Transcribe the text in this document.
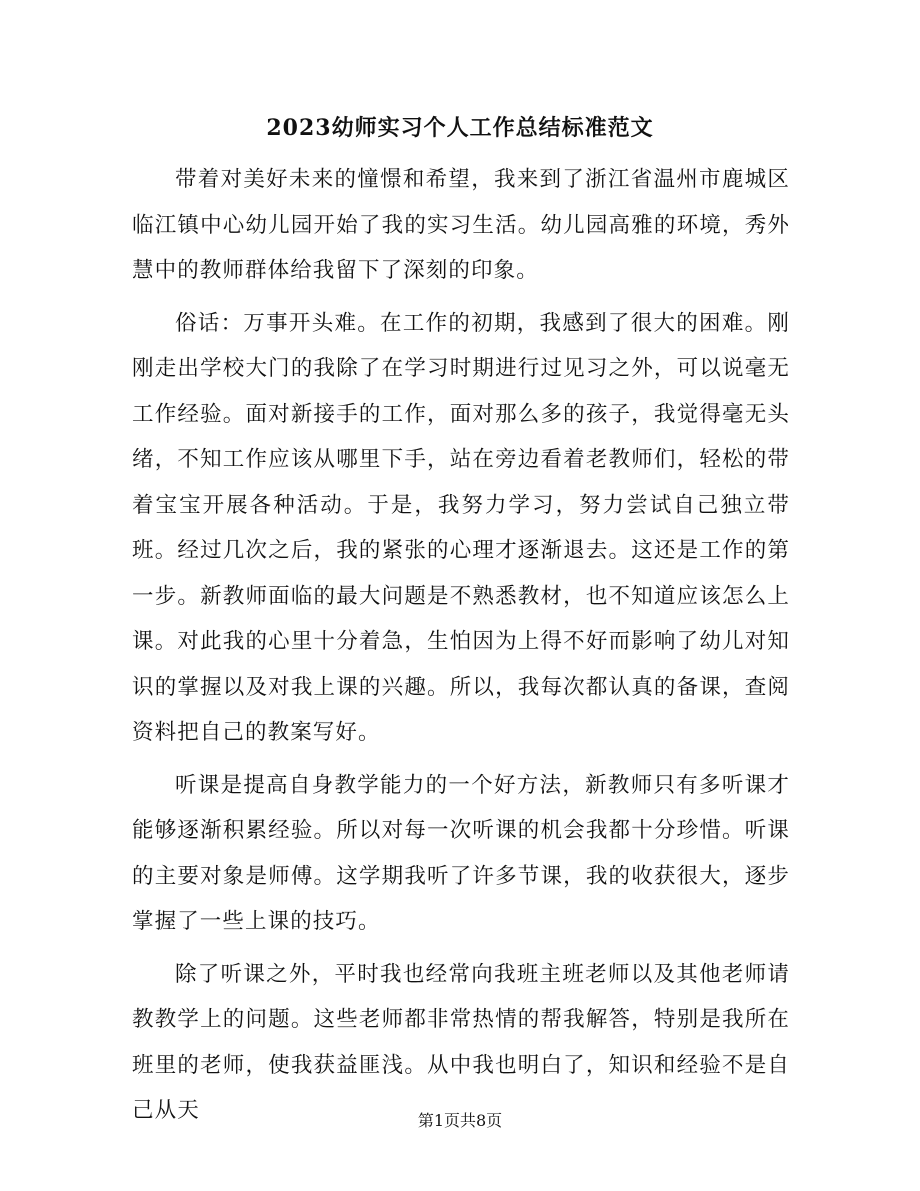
2023幼师实习个人工作总结标准范文

带着对美好未来的憧憬和希望，我来到了浙江省温州市鹿城区临江镇中心幼儿园开始了我的实习生活。幼儿园高雅的环境，秀外慧中的教师群体给我留下了深刻的印象。

俗话：万事开头难。在工作的初期，我感到了很大的困难。刚刚走出学校大门的我除了在学习时期进行过见习之外，可以说毫无工作经验。面对新接手的工作，面对那么多的孩子，我觉得毫无头绪，不知工作应该从哪里下手，站在旁边看着老教师们，轻松的带着宝宝开展各种活动。于是，我努力学习，努力尝试自己独立带班。经过几次之后，我的紧张的心理才逐渐退去。这还是工作的第一步。新教师面临的最大问题是不熟悉教材，也不知道应该怎么上课。对此我的心里十分着急，生怕因为上得不好而影响了幼儿对知识的掌握以及对我上课的兴趣。所以，我每次都认真的备课，查阅资料把自己的教案写好。

听课是提高自身教学能力的一个好方法，新教师只有多听课才能够逐渐积累经验。所以对每一次听课的机会我都十分珍惜。听课的主要对象是师傅。这学期我听了许多节课，我的收获很大，逐步掌握了一些上课的技巧。

除了听课之外，平时我也经常向我班主班老师以及其他老师请教教学上的问题。这些老师都非常热情的帮我解答，特别是我所在班里的老师，使我获益匪浅。从中我也明白了，知识和经验不是自己从天	第1页共8页
